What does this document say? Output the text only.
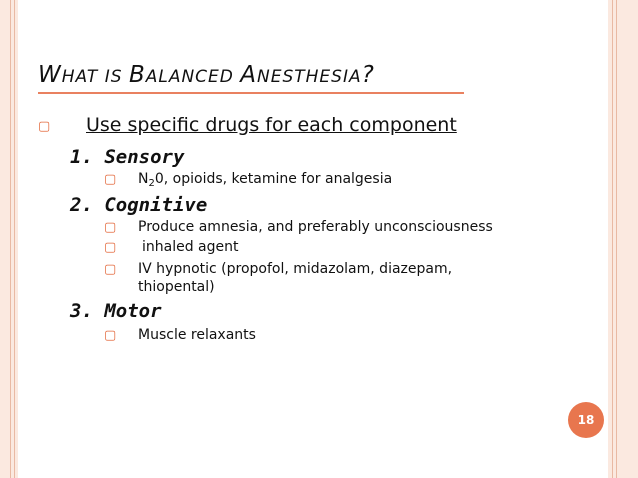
WHAT IS BALANCED ANESTHESIA?
▢ Use specific drugs for each component
1. Sensory
▢ $N_20$, opioids, ketamine for analgesia
2. Cognitive
▢ Produce amnesia, and preferably unconsciousness
▢ inhaled agent
▢ IV hypnotic (propofol, midazolam, diazepam, thiopental)
3. Motor
▢ Muscle relaxants
18
